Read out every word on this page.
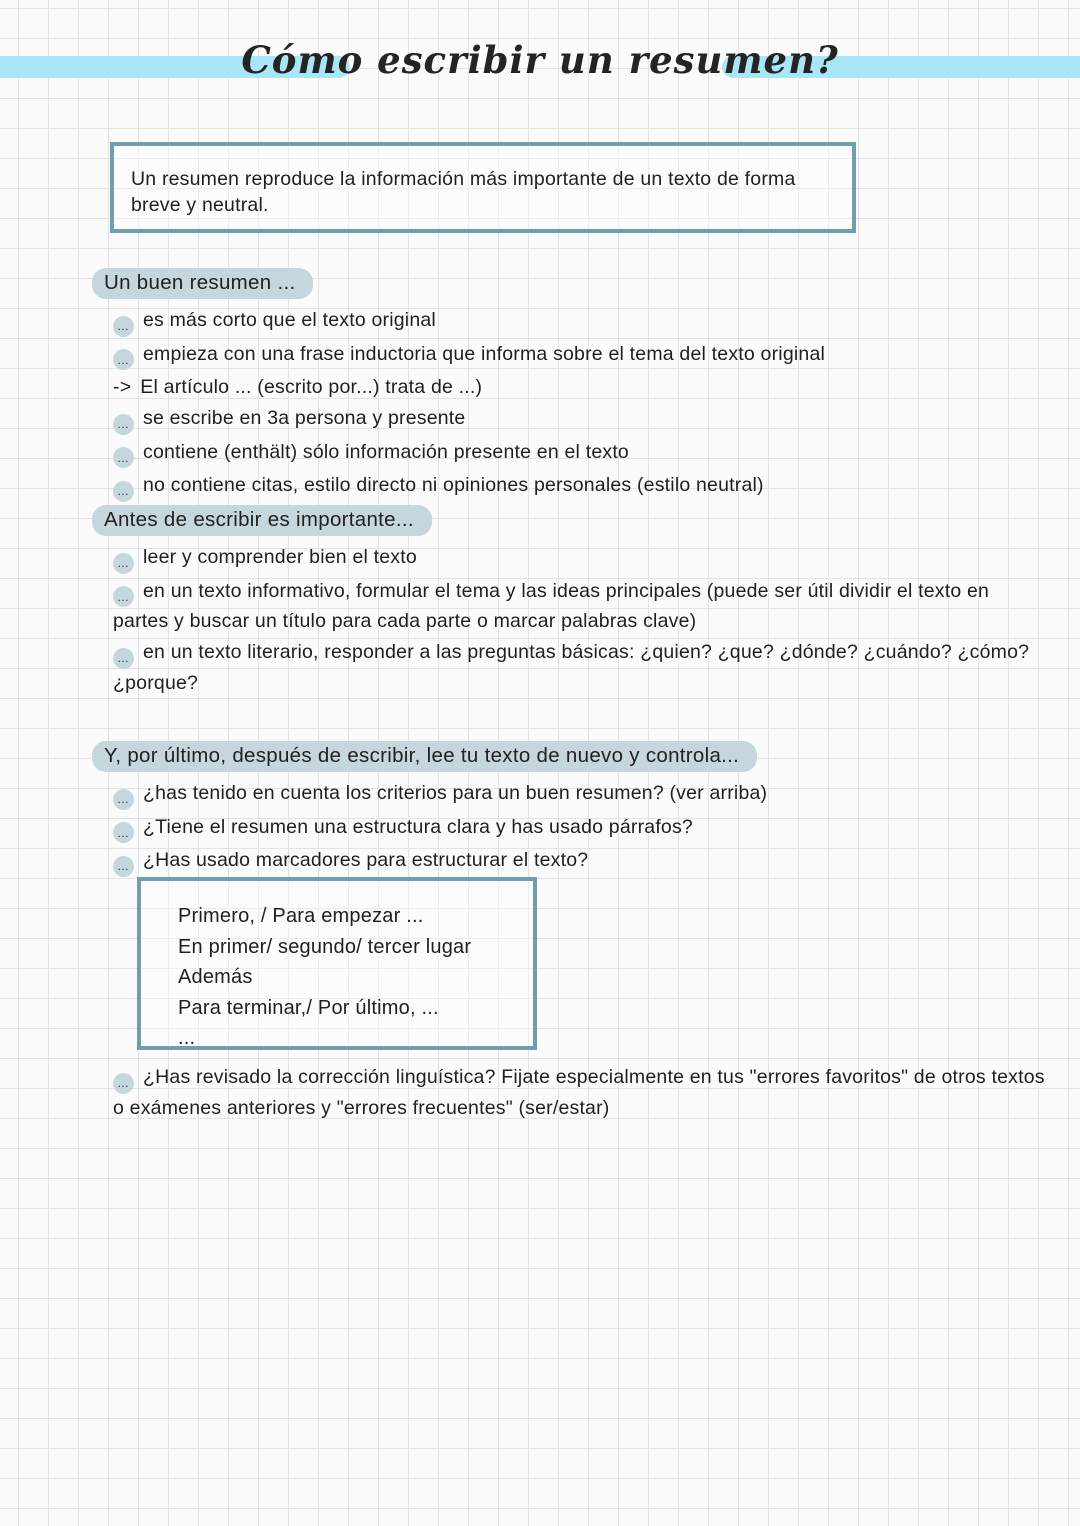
Cómo escribir un resumen?
Un resumen reproduce la información más importante de un texto de forma
breve y neutral.
Un buen resumen ...
… es más corto que el texto original
… empieza con una frase inductoria que informa sobre el tema del texto original
-> El artículo ... (escrito por...) trata de ...)
… se escribe en 3a persona y presente
… contiene (enthält) sólo información presente en el texto
… no contiene citas, estilo directo ni opiniones personales (estilo neutral)
Antes de escribir es importante...
… leer y comprender bien el texto
… en un texto informativo, formular el tema y las ideas principales (puede ser útil dividir el texto en partes y buscar un título para cada parte o marcar palabras clave)
… en un texto literario, responder a las preguntas básicas: ¿quien? ¿que? ¿dónde? ¿cuándo? ¿cómo? ¿porque?
Y, por último, después de escribir, lee tu texto de nuevo y controla...
… ¿has tenido en cuenta los criterios para un buen resumen? (ver arriba)
… ¿Tiene el resumen una estructura clara y has usado párrafos?
… ¿Has usado marcadores para estructurar el texto?
Primero, / Para empezar ...
En primer/ segundo/ tercer lugar
Además
Para terminar,/ Por último, ...
...
… ¿Has revisado la corrección linguística? Fijate especialmente en tus "errores favoritos" de otros textos o exámenes anteriores y "errores frecuentes" (ser/estar)
